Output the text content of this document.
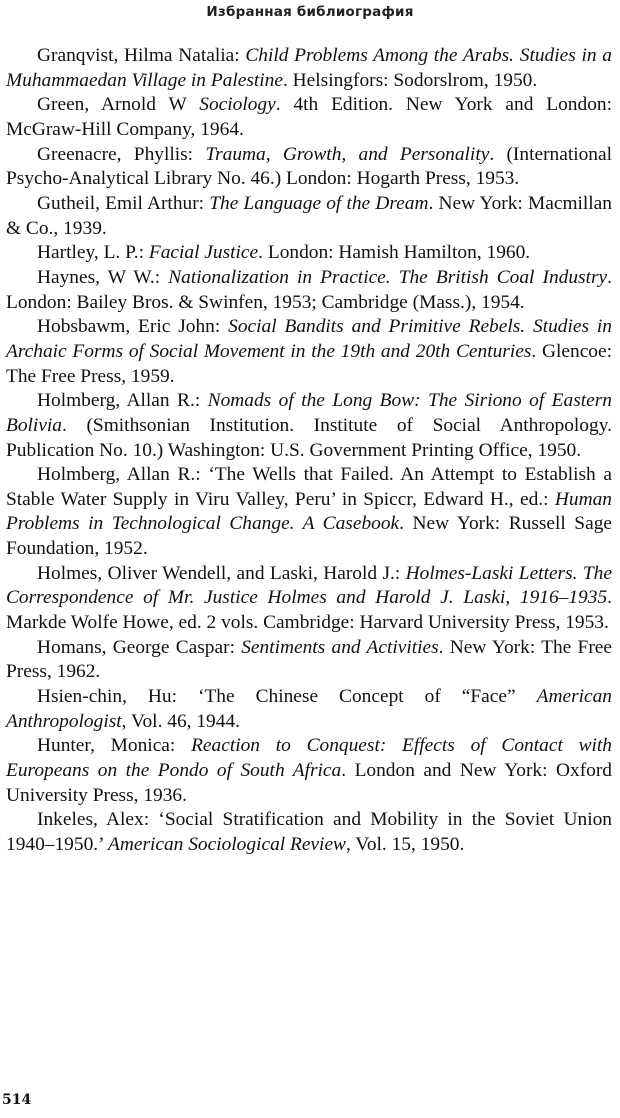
Избранная библиография

Granqvist, Hilma Natalia: Child Problems Among the Arabs. Studies in a Muhammaedan Village in Palestine. Helsingfors: Sodorslrom, 1950.

Green, Arnold W Sociology. 4th Edition. New York and London: McGraw-Hill Company, 1964.

Greenacre, Phyllis: Trauma, Growth, and Personality. (International Psycho-Analytical Library No. 46.) London: Hogarth Press, 1953.

Gutheil, Emil Arthur: The Language of the Dream. New York: Macmillan & Co., 1939.

Hartley, L. P.: Facial Justice. London: Hamish Hamilton, 1960.

Haynes, W W.: Nationalization in Practice. The British Coal Industry. London: Bailey Bros. & Swinfen, 1953; Cambridge (Mass.), 1954.

Hobsbawm, Eric John: Social Bandits and Primitive Rebels. Studies in Archaic Forms of Social Movement in the 19th and 20th Centuries. Glencoe: The Free Press, 1959.

Holmberg, Allan R.: Nomads of the Long Bow: The Siriono of Eastern Bolivia. (Smithsonian Institution. Institute of Social Anthropology. Publication No. 10.) Washington: U.S. Government Printing Office, 1950.

Holmberg, Allan R.: ‘The Wells that Failed. An Attempt to Establish a Stable Water Supply in Viru Valley, Peru’ in Spiccr, Edward H., ed.: Human Problems in Technological Change. A Casebook. New York: Russell Sage Foundation, 1952.

Holmes, Oliver Wendell, and Laski, Harold J.: Holmes-Laski Letters. The Correspondence of Mr. Justice Holmes and Harold J. Laski, 1916–1935. Markde Wolfe Howe, ed. 2 vols. Cambridge: Harvard University Press, 1953.

Homans, George Caspar: Sentiments and Activities. New York: The Free Press, 1962.

Hsien-chin, Hu: ‘The Chinese Concept of “Face” American Anthropologist, Vol. 46, 1944.

Hunter, Monica: Reaction to Conquest: Effects of Contact with Europeans on the Pondo of South Africa. London and New York: Oxford University Press, 1936.

Inkeles, Alex: ‘Social Stratification and Mobility in the Soviet Union 1940–1950.’ American Sociological Review, Vol. 15, 1950.

514
